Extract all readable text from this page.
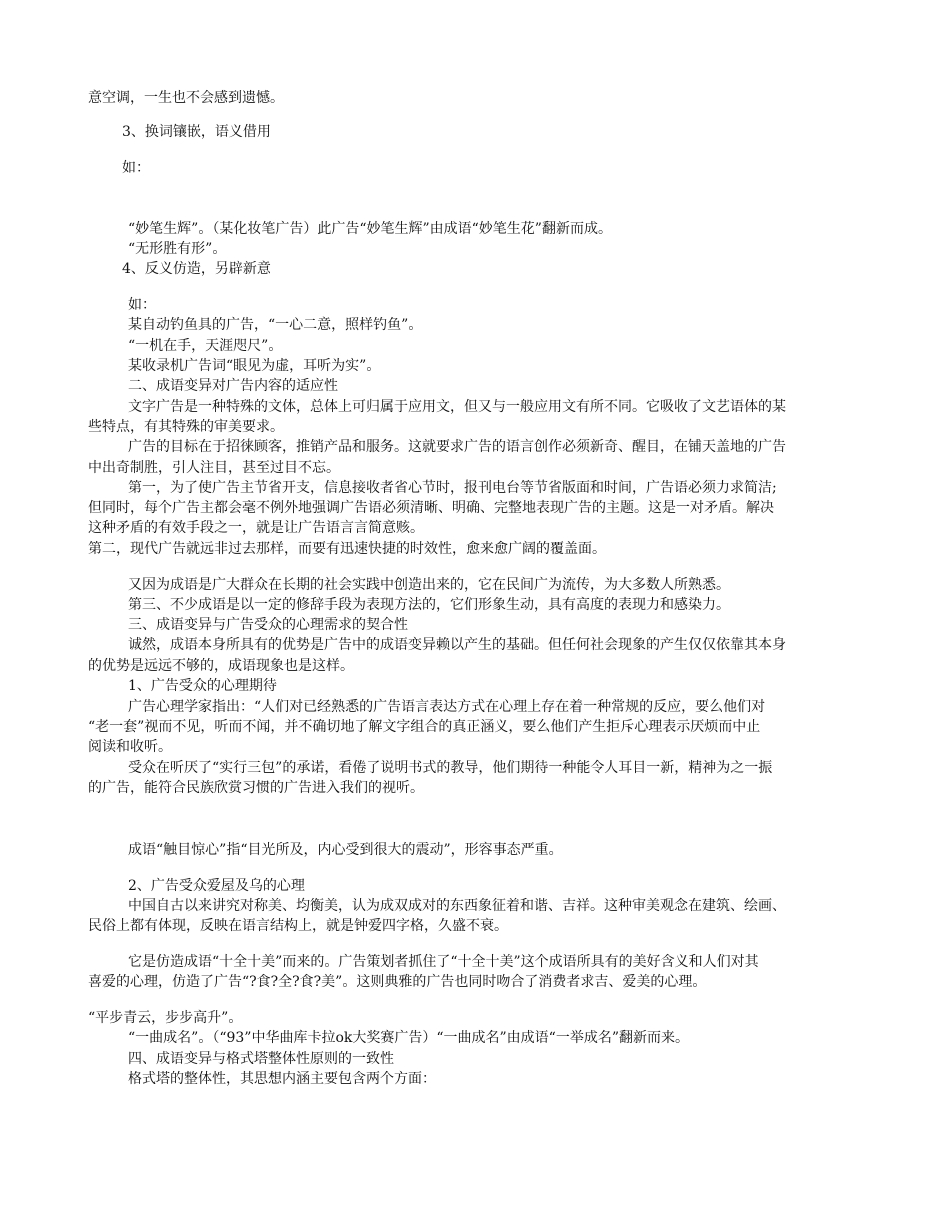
意空调，一生也不会感到遗憾。
3、换词镶嵌，语义借用
如：
“妙笔生辉”。（某化妆笔广告）此广告“妙笔生辉”由成语“妙笔生花”翻新而成。
“无形胜有形”。
4、反义仿造，另辟新意
如：
某自动钓鱼具的广告，“一心二意，照样钓鱼”。
“一机在手，天涯咫尺”。
某收录机广告词“眼见为虚，耳听为实”。
二、成语变异对广告内容的适应性
文字广告是一种特殊的文体，总体上可归属于应用文，但又与一般应用文有所不同。它吸收了文艺语体的某
些特点，有其特殊的审美要求。
广告的目标在于招徕顾客，推销产品和服务。这就要求广告的语言创作必须新奇、醒目，在铺天盖地的广告
中出奇制胜，引人注目，甚至过目不忘。
第一，为了使广告主节省开支，信息接收者省心节时，报刊电台等节省版面和时间，广告语必须力求简洁;
但同时，每个广告主都会毫不例外地强调广告语必须清晰、明确、完整地表现广告的主题。这是一对矛盾。解决
这种矛盾的有效手段之一，就是让广告语言言简意赅。
第二，现代广告就远非过去那样，而要有迅速快捷的时效性，愈来愈广阔的覆盖面。
又因为成语是广大群众在长期的社会实践中创造出来的，它在民间广为流传，为大多数人所熟悉。
第三、不少成语是以一定的修辞手段为表现方法的，它们形象生动，具有高度的表现力和感染力。
三、成语变异与广告受众的心理需求的契合性
诚然，成语本身所具有的优势是广告中的成语变异赖以产生的基础。但任何社会现象的产生仅仅依靠其本身
的优势是远远不够的，成语现象也是这样。
1、广告受众的心理期待
广告心理学家指出：“人们对已经熟悉的广告语言表达方式在心理上存在着一种常规的反应，要么他们对
“老一套”视而不见，听而不闻，并不确切地了解文字组合的真正涵义，要么他们产生拒斥心理表示厌烦而中止
阅读和收听。
受众在听厌了“实行三包”的承诺，看倦了说明书式的教导，他们期待一种能令人耳目一新，精神为之一振
的广告，能符合民族欣赏习惯的广告进入我们的视听。
成语“触目惊心”指“目光所及，内心受到很大的震动”，形容事态严重。
2、广告受众爱屋及乌的心理
中国自古以来讲究对称美、均衡美，认为成双成对的东西象征着和谐、吉祥。这种审美观念在建筑、绘画、
民俗上都有体现，反映在语言结构上，就是钟爱四字格，久盛不衰。
它是仿造成语“十全十美”而来的。广告策划者抓住了“十全十美”这个成语所具有的美好含义和人们对其
喜爱的心理，仿造了广告“?食?全?食?美”。这则典雅的广告也同时吻合了消费者求吉、爱美的心理。
“平步青云，步步高升”。
“一曲成名”。（“93”中华曲库卡拉ok大奖赛广告）“一曲成名”由成语“一举成名”翻新而来。
四、成语变异与格式塔整体性原则的一致性
格式塔的整体性，其思想内涵主要包含两个方面：
